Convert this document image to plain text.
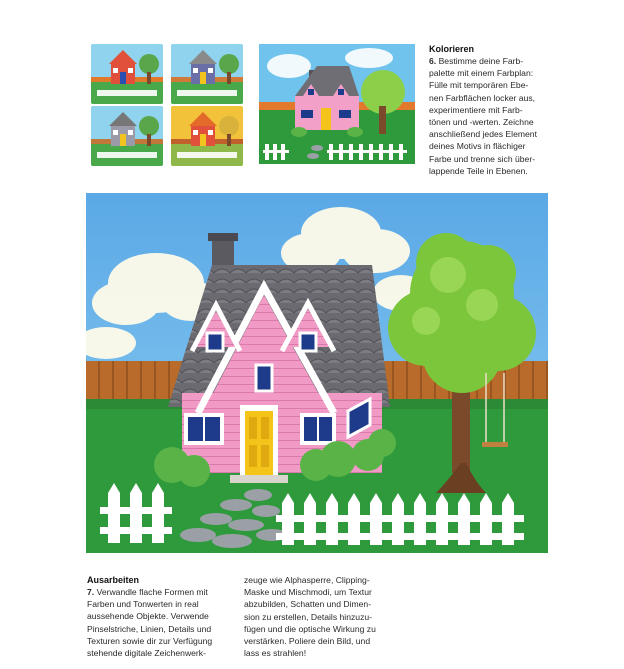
Kolorieren

6. Bestimme deine Farb-
palette mit einem Farbplan:
Fülle mit temporären Ebe-
nen Farbflächen locker aus,
experimentiere mit Farb-
tönen und -werten. Zeichne
anschließend jedes Element
deines Motivs in flächiger
Farbe und trenne sich über-
lappende Teile in Ebenen.

Ausarbeiten

7. Verwandle flache Formen mit
Farben und Tonwerten in real
aussehende Objekte. Verwende
Pinselstriche, Linien, Details und
Texturen sowie dir zur Verfügung
stehende digitale Zeichenwerk-

zeuge wie Alphasperre, Clipping-
Maske und Mischmodi, um Textur
abzubilden, Schatten und Dimen-
sion zu erstellen, Details hinzuzu-
fügen und die optische Wirkung zu
verstärken. Poliere dein Bild, und
lass es strahlen!
